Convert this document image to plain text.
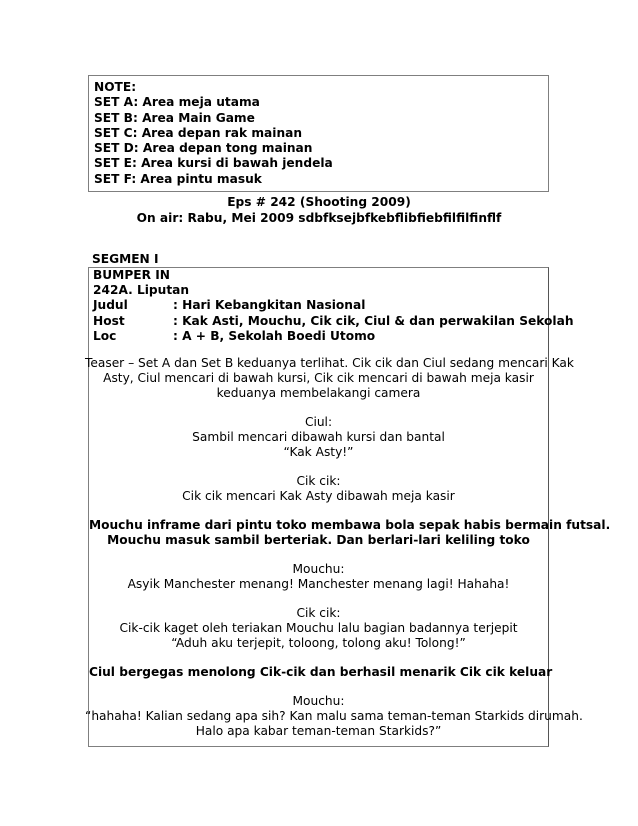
NOTE:
SET A: Area meja utama
SET B: Area Main Game
SET C: Area depan rak mainan
SET D: Area depan tong mainan
SET E: Area kursi di bawah jendela
SET F: Area pintu masuk
Eps # 242 (Shooting 2009)
On air: Rabu, Mei 2009 sdbfksejbfkebflibfiebfilfilfinflf
SEGMEN I
BUMPER IN
242A. Liputan
Judul	: Hari Kebangkitan Nasional
Host	: Kak Asti, Mouchu, Cik cik, Ciul & dan perwakilan Sekolah
Loc	: A + B, Sekolah Boedi Utomo
Teaser – Set A dan Set B keduanya terlihat. Cik cik dan Ciul sedang mencari Kak
Asty, Ciul mencari di bawah kursi, Cik cik mencari di bawah meja kasir
keduanya membelakangi camera
Ciul:
Sambil mencari dibawah kursi dan bantal
“Kak Asty!”
Cik cik:
Cik cik mencari Kak Asty dibawah meja kasir
Mouchu inframe dari pintu toko membawa bola sepak habis bermain futsal.
Mouchu masuk sambil berteriak. Dan berlari-lari keliling toko
Mouchu:
Asyik Manchester menang! Manchester menang lagi! Hahaha!
Cik cik:
Cik-cik kaget oleh teriakan Mouchu lalu bagian badannya terjepit
“Aduh aku terjepit, toloong, tolong aku! Tolong!”
Ciul bergegas menolong Cik-cik dan berhasil menarik Cik cik keluar
Mouchu:
“hahaha! Kalian sedang apa sih? Kan malu sama teman-teman Starkids dirumah.
Halo apa kabar teman-teman Starkids?”
